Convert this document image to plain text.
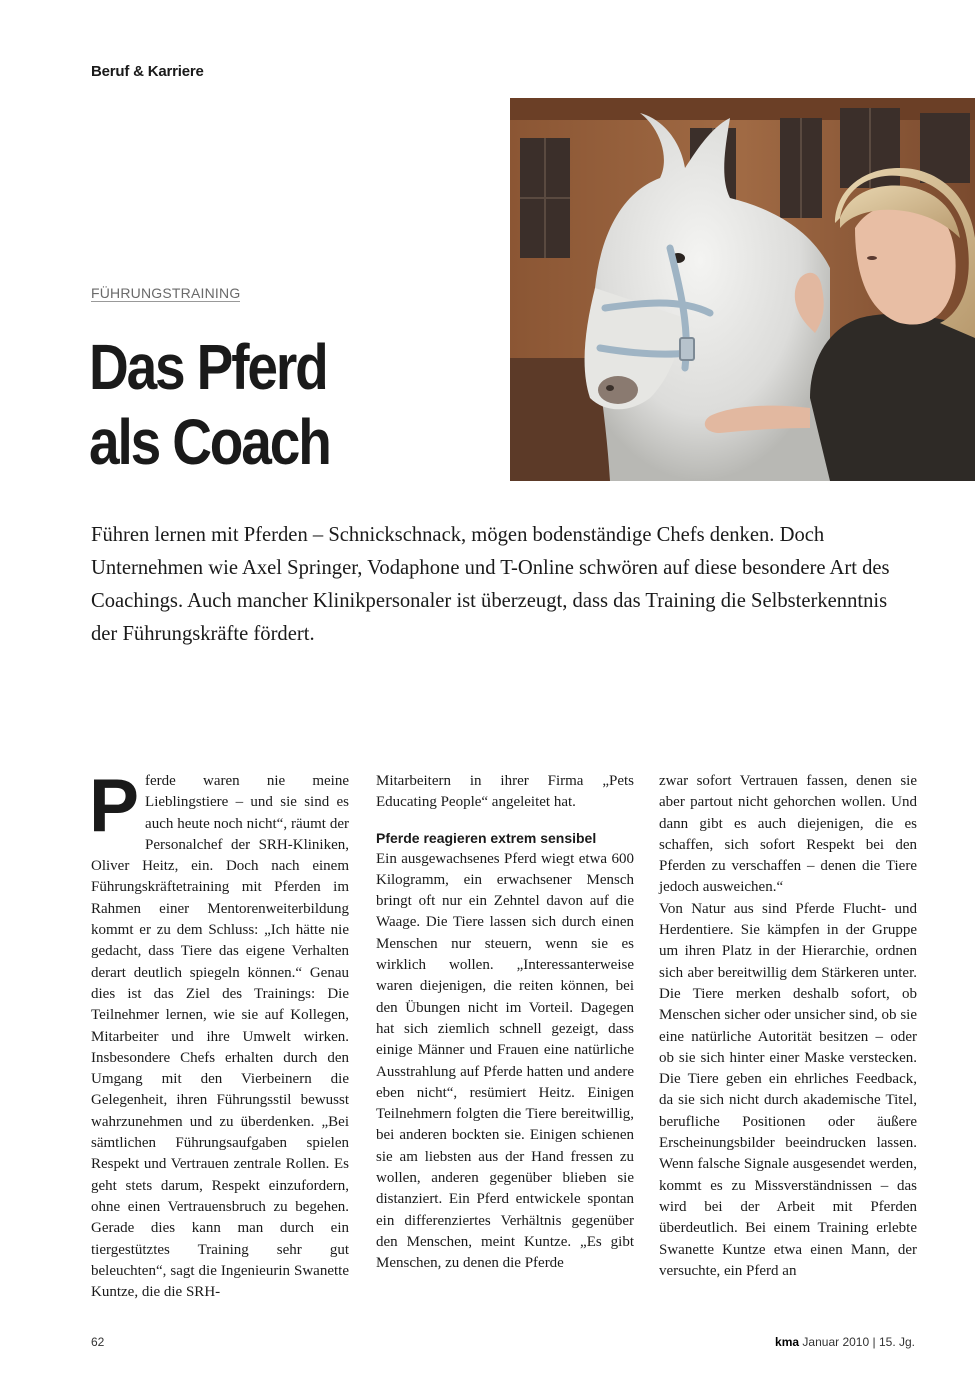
Beruf & Karriere
FÜHRUNGSTRAINING
Das Pferd
als Coach
Führen lernen mit Pferden – Schnickschnack, mögen bodenständige Chefs denken. Doch Unternehmen wie Axel Springer, Vodaphone und T-Online schwören auf diese besondere Art des Coachings. Auch mancher Klinikpersonaler ist überzeugt, dass das Training die Selbsterkenntnis der Führungskräfte fördert.

Pferde waren nie meine Lieblingstiere – und sie sind es auch heute noch nicht“, räumt der Personalchef der SRH-Kliniken, Oliver Heitz, ein. Doch nach einem Führungskräftetraining mit Pferden im Rahmen einer Mentorenweiterbildung kommt er zu dem Schluss: „Ich hätte nie gedacht, dass Tiere das eigene Verhalten derart deutlich spiegeln können.“ Genau dies ist das Ziel des Trainings: Die Teilnehmer lernen, wie sie auf Kollegen, Mitarbeiter und ihre Umwelt wirken. Insbesondere Chefs erhalten durch den Umgang mit den Vierbeinern die Gelegenheit, ihren Führungsstil bewusst wahrzunehmen und zu überdenken. „Bei sämtlichen Führungsaufgaben spielen Respekt und Vertrauen zentrale Rollen. Es geht stets darum, Respekt einzufordern, ohne einen Vertrauensbruch zu begehen. Gerade dies kann man durch ein tiergestütztes Training sehr gut beleuchten“, sagt die Ingenieurin Swanette Kuntze, die die SRH-

Mitarbeitern in ihrer Firma „Pets Educating People“ angeleitet hat.

Pferde reagieren extrem sensibel

Ein ausgewachsenes Pferd wiegt etwa 600 Kilogramm, ein erwachsener Mensch bringt oft nur ein Zehntel davon auf die Waage. Die Tiere lassen sich durch einen Menschen nur steuern, wenn sie es wirklich wollen. „Interessanterweise waren diejenigen, die reiten können, bei den Übungen nicht im Vorteil. Dagegen hat sich ziemlich schnell gezeigt, dass einige Männer und Frauen eine natürliche Ausstrahlung auf Pferde hatten und andere eben nicht“, resümiert Heitz. Einigen Teilnehmern folgten die Tiere bereitwillig, bei anderen bockten sie. Einigen schienen sie am liebsten aus der Hand fressen zu wollen, anderen gegenüber blieben sie distanziert. Ein Pferd entwickele spontan ein differenziertes Verhältnis gegenüber den Menschen, meint Kuntze. „Es gibt Menschen, zu denen die Pferde

zwar sofort Vertrauen fassen, denen sie aber partout nicht gehorchen wollen. Und dann gibt es auch diejenigen, die es schaffen, sich sofort Respekt bei den Pferden zu verschaffen – denen die Tiere jedoch ausweichen.“

Von Natur aus sind Pferde Flucht- und Herdentiere. Sie kämpfen in der Gruppe um ihren Platz in der Hierarchie, ordnen sich aber bereitwillig dem Stärkeren unter. Die Tiere merken deshalb sofort, ob Menschen sicher oder unsicher sind, ob sie eine natürliche Autorität besitzen – oder ob sie sich hinter einer Maske verstecken. Die Tiere geben ein ehrliches Feedback, da sie sich nicht durch akademische Titel, berufliche Positionen oder äußere Erscheinungsbilder beeindrucken lassen. Wenn falsche Signale ausgesendet werden, kommt es zu Missverständnissen – das wird bei der Arbeit mit Pferden überdeutlich. Bei einem Training erlebte Swanette Kuntze etwa einen Mann, der versuchte, ein Pferd an

62	kma Januar 2010 | 15. Jg.
